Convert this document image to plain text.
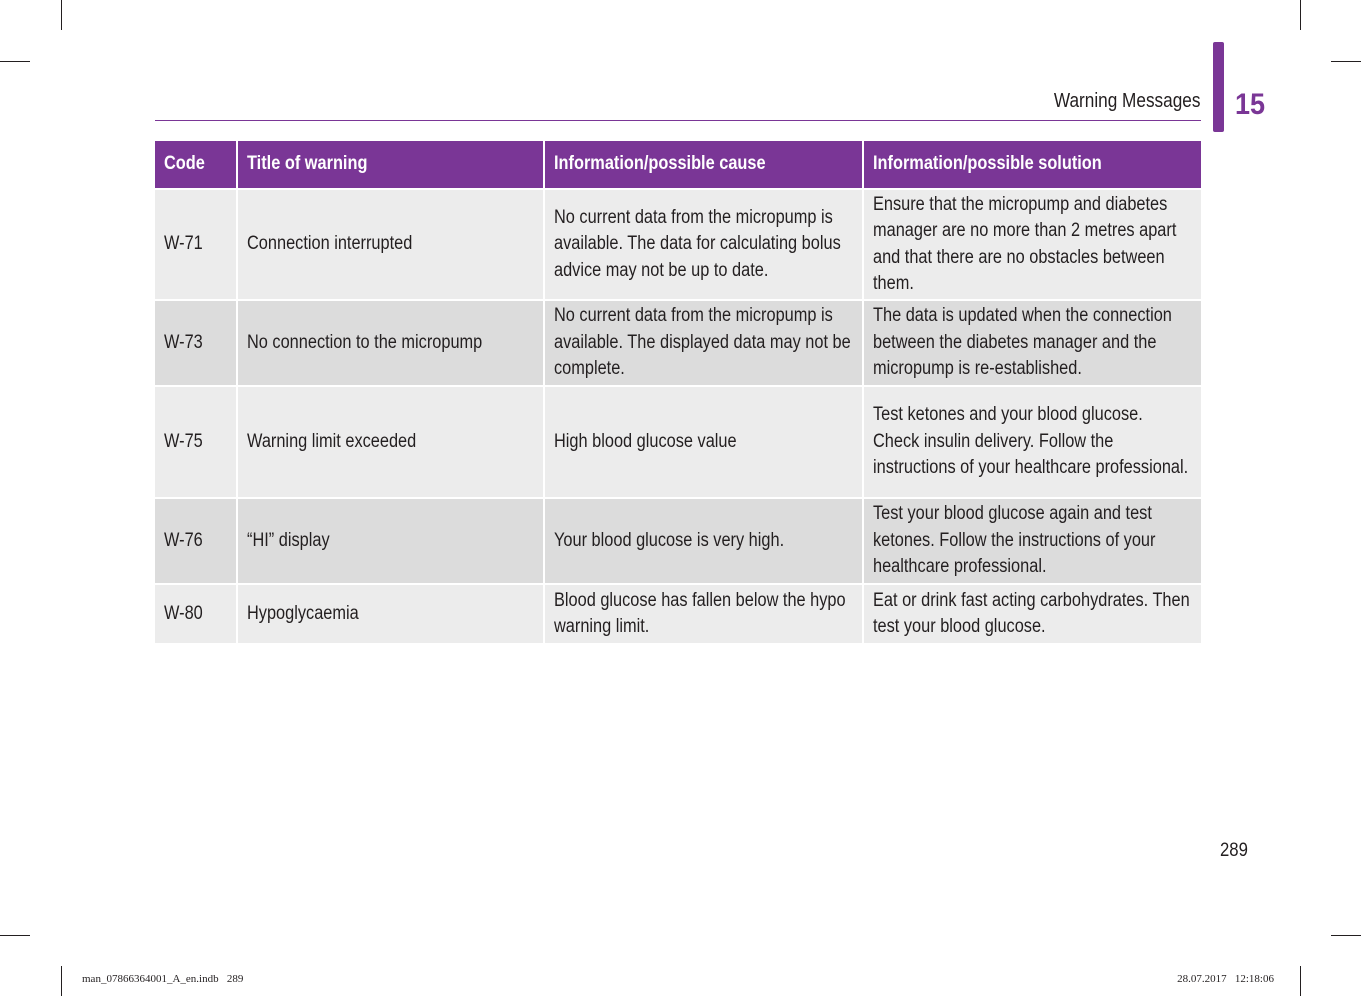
Warning Messages 15
Code	Title of warning	Information/possible cause	Information/possible solution
W-71	Connection interrupted	No current data from the micropump is available. The data for calculating bolus advice may not be up to date.	Ensure that the micropump and diabetes manager are no more than 2 metres apart and that there are no obstacles between them.
W-73	No connection to the micropump	No current data from the micropump is available. The displayed data may not be complete.	The data is updated when the connection between the diabetes manager and the micropump is re-established.
W-75	Warning limit exceeded	High blood glucose value	Test ketones and your blood glucose. Check insulin delivery. Follow the instructions of your healthcare professional.
W-76	“HI” display	Your blood glucose is very high.	Test your blood glucose again and test ketones. Follow the instructions of your healthcare professional.
W-80	Hypoglycaemia	Blood glucose has fallen below the hypo warning limit.	Eat or drink fast acting carbohydrates. Then test your blood glucose.
289
man_07866364001_A_en.indb   289	28.07.2017   12:18:06
